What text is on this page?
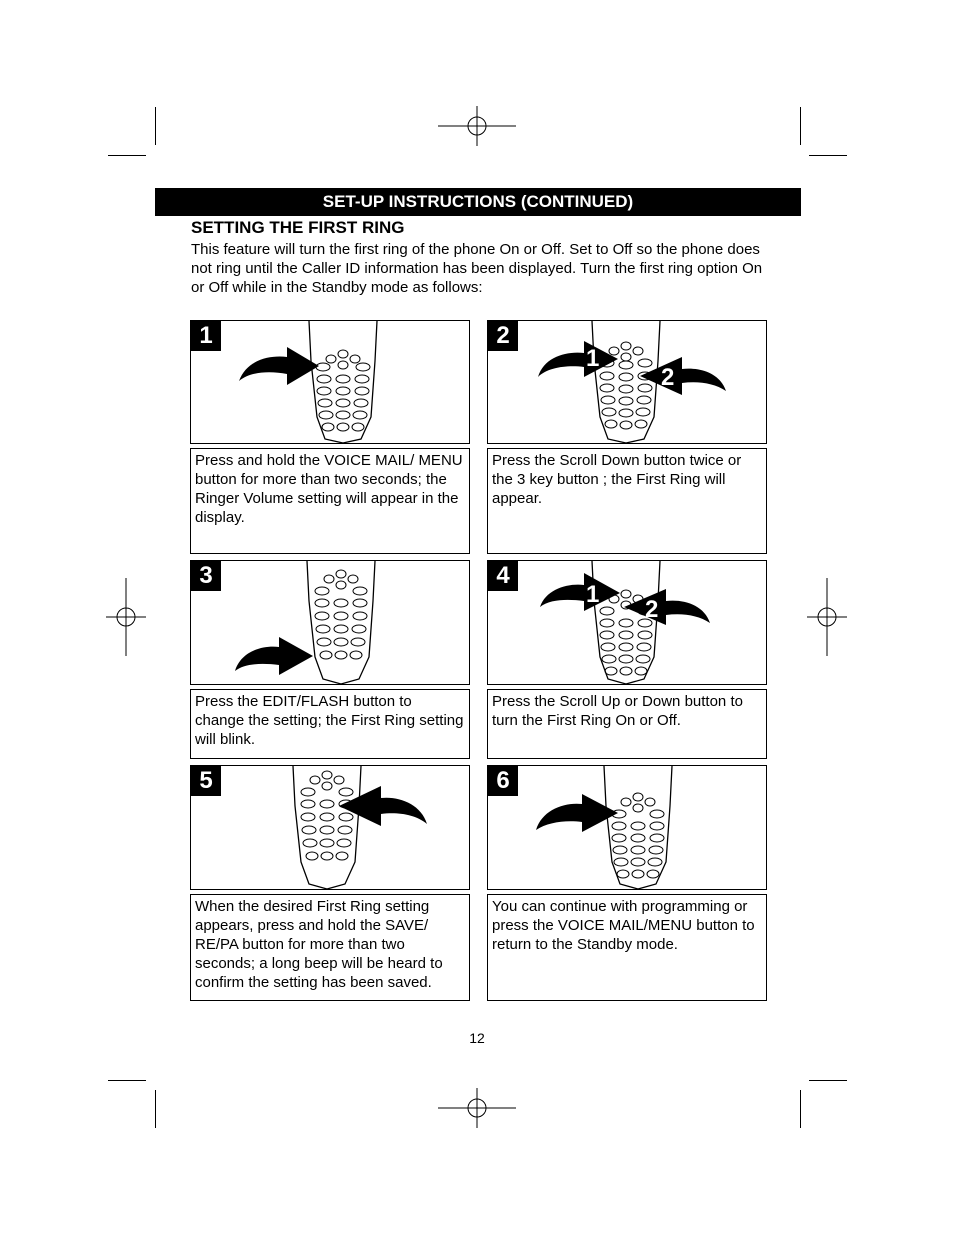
SET-UP INSTRUCTIONS (CONTINUED)
SETTING THE FIRST RING
This feature will turn the first ring of the phone On or Off. Set to Off so the phone does not ring until the Caller ID information has been displayed. Turn the first ring option On or Off while in the Standby mode as follows:
1
Press and hold the VOICE MAIL/ MENU button for more than two seconds; the Ringer Volume setting will appear in the display.
1
2
2
Press the Scroll Down button twice or the 3 key button ; the First Ring will appear.
3
Press the EDIT/FLASH button to change the setting; the First Ring setting will blink.
1
2
4
Press the Scroll Up or Down button to turn the First Ring On or Off.
5
When the desired First Ring setting appears, press and hold the SAVE/ RE/PA button for more than two seconds; a long beep will be heard to confirm the setting has been saved.
6
You can continue with programming or press the VOICE MAIL/MENU button to return to the Standby mode.
12
